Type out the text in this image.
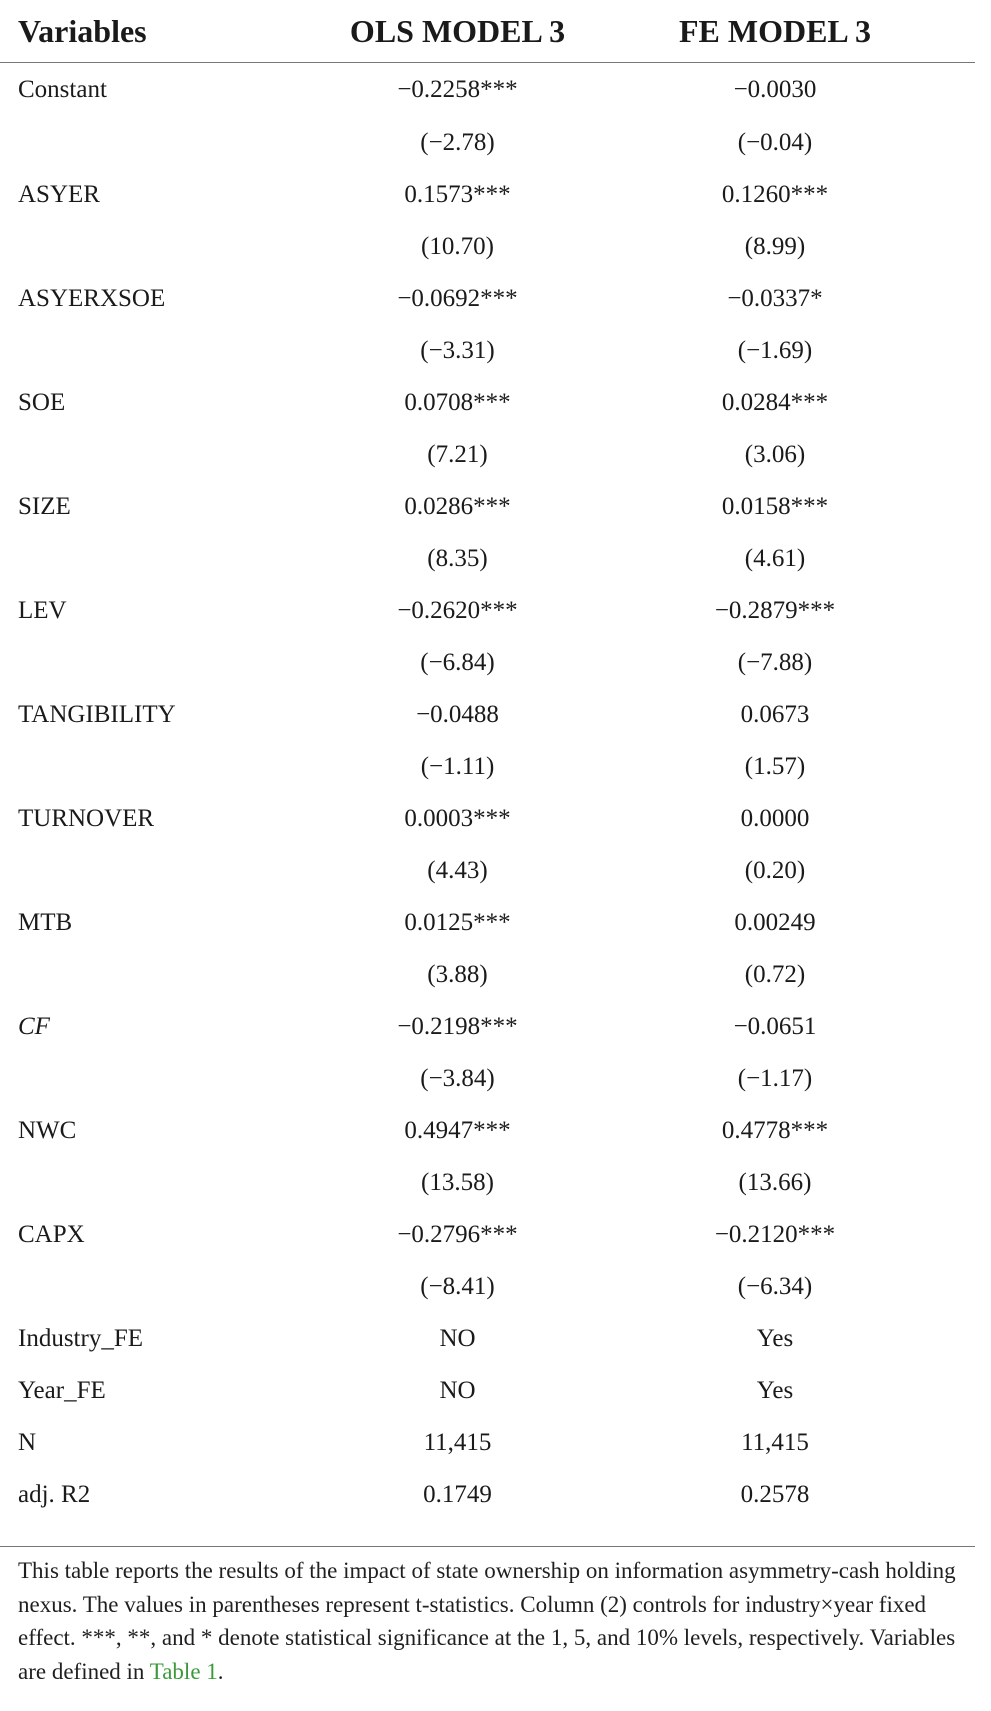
Variables	OLS MODEL 3	FE MODEL 3
Constant	−0.2258***	−0.0030
	(−2.78)	(−0.04)
ASYER	0.1573***	0.1260***
	(10.70)	(8.99)
ASYERXSOE	−0.0692***	−0.0337*
	(−3.31)	(−1.69)
SOE	0.0708***	0.0284***
	(7.21)	(3.06)
SIZE	0.0286***	0.0158***
	(8.35)	(4.61)
LEV	−0.2620***	−0.2879***
	(−6.84)	(−7.88)
TANGIBILITY	−0.0488	0.0673
	(−1.11)	(1.57)
TURNOVER	0.0003***	0.0000
	(4.43)	(0.20)
MTB	0.0125***	0.00249
	(3.88)	(0.72)
CF	−0.2198***	−0.0651
	(−3.84)	(−1.17)
NWC	0.4947***	0.4778***
	(13.58)	(13.66)
CAPX	−0.2796***	−0.2120***
	(−8.41)	(−6.34)
Industry_FE	NO	Yes
Year_FE	NO	Yes
N	11,415	11,415
adj. R2	0.1749	0.2578

This table reports the results of the impact of state ownership on information asymmetry-cash holding nexus. The values in parentheses represent t-statistics. Column (2) controls for industry×year fixed effect. ***, **, and * denote statistical significance at the 1, 5, and 10% levels, respectively. Variables are defined in Table 1.
